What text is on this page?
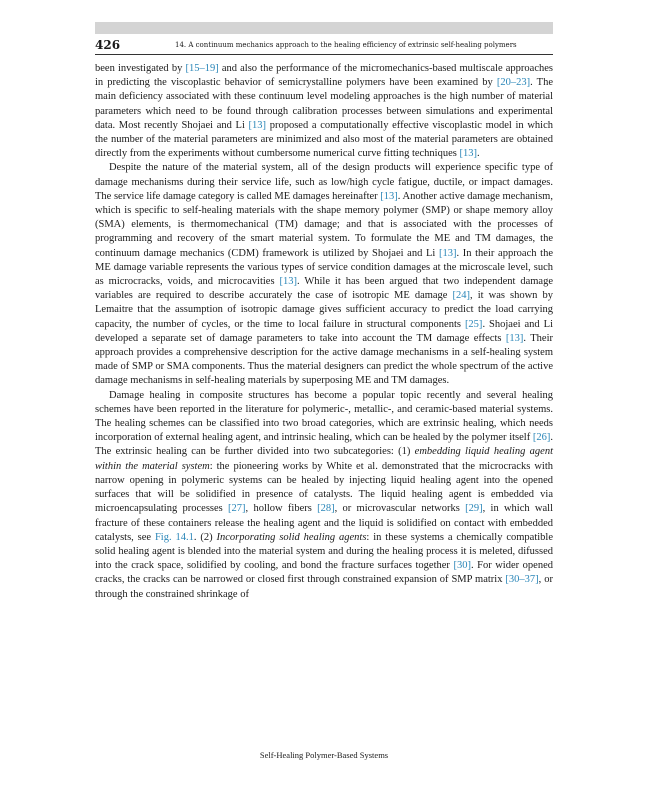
426	14. A continuum mechanics approach to the healing efficiency of extrinsic self-healing polymers

been investigated by [15–19] and also the performance of the micromechanics-based multiscale approaches in predicting the viscoplastic behavior of semicrystalline polymers have been examined by [20–23]. The main deficiency associated with these continuum level modeling approaches is the high number of material parameters which need to be found through calibration processes between simulations and experimental data. Most recently Shojaei and Li [13] proposed a computationally effective viscoplastic model in which the number of the material parameters are minimized and also most of the material parameters are obtained directly from the experiments without cumbersome numerical curve fitting techniques [13].

Despite the nature of the material system, all of the design products will experience specific type of damage mechanisms during their service life, such as low/high cycle fatigue, ductile, or impact damages. The service life damage category is called ME damages hereinafter [13]. Another active damage mechanism, which is specific to self-healing materials with the shape memory polymer (SMP) or shape memory alloy (SMA) elements, is thermomechanical (TM) damage; and that is associated with the processes of programming and recovery of the smart material system. To formulate the ME and TM damages, the continuum damage mechanics (CDM) framework is utilized by Shojaei and Li [13]. In their approach the ME damage variable represents the various types of service condition damages at the microscale level, such as microcracks, voids, and microcavities [13]. While it has been argued that two independent damage variables are required to describe accurately the case of isotropic ME damage [24], it was shown by Lemaitre that the assumption of isotropic damage gives sufficient accuracy to predict the load carrying capacity, the number of cycles, or the time to local failure in structural components [25]. Shojaei and Li developed a separate set of damage parameters to take into account the TM damage effects [13]. Their approach provides a comprehensive description for the active damage mechanisms in a self-healing system made of SMP or SMA components. Thus the material designers can predict the whole spectrum of the active damage mechanisms in self-healing materials by superposing ME and TM damages.

Damage healing in composite structures has become a popular topic recently and several healing schemes have been reported in the literature for polymeric-, metallic-, and ceramic-based material systems. The healing schemes can be classified into two broad categories, which are extrinsic healing, which needs incorporation of external healing agent, and intrinsic healing, which can be healed by the polymer itself [26]. The extrinsic healing can be further divided into two subcategories: (1) embedding liquid healing agent within the material system: the pioneering works by White et al. demonstrated that the microcracks with narrow opening in polymeric systems can be healed by injecting liquid healing agent into the opened surfaces that will be solidified in presence of catalysts. The liquid healing agent is embedded via microencapsulating processes [27], hollow fibers [28], or microvascular networks [29], in which wall fracture of these containers release the healing agent and the liquid is solidified on contact with embedded catalysts, see Fig. 14.1. (2) Incorporating solid healing agents: in these systems a chemically compatible solid healing agent is blended into the material system and during the healing process it is meleted, difussed into the crack space, solidified by cooling, and bond the fracture surfaces together [30]. For wider opened cracks, the cracks can be narrowed or closed first through constrained expansion of SMP matrix [30–37], or through the constrained shrinkage of

Self-Healing Polymer-Based Systems
